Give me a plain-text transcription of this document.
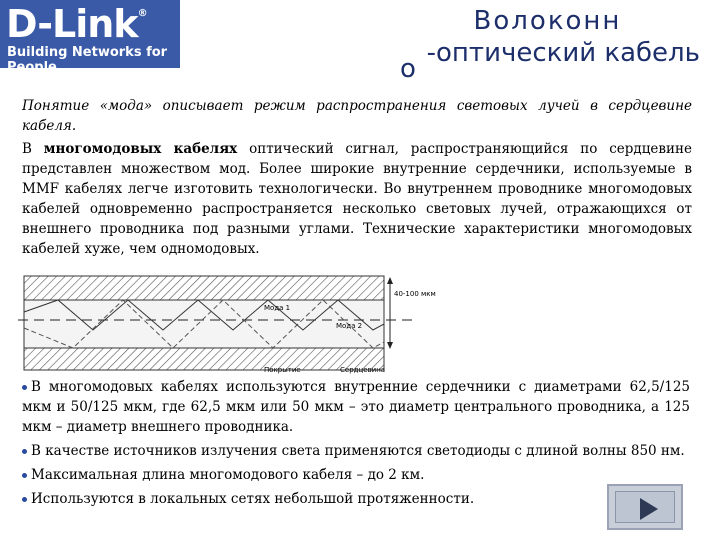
D-Link®
Building Networks for People
Волоконн
-оптический кабель
о
Понятие «мода» описывает режим распространения световых лучей в сердцевине кабеля.
В многомодовых кабелях оптический сигнал, распространяющийся по сердцевине представлен множеством мод. Более широкие внутренние сердечники, используемые в MMF кабелях легче изготовить технологически. Во внутреннем проводнике многомодовых кабелей одновременно распространяется несколько световых лучей, отражающихся от внешнего проводника под разными углами. Технические характеристики многомодовых кабелей хуже, чем одномодовых.
40-100 мкм
Мода 1
Мода 2
Покрытие	Сердцевина
В многомодовых кабелях используются внутренние сердечники с диаметрами 62,5/125 мкм и 50/125 мкм, где 62,5 мкм или 50 мкм – это диаметр центрального проводника, а 125 мкм – диаметр внешнего проводника.
В качестве источников излучения света применяются светодиоды с длиной волны 850 нм.
Максимальная длина многомодового кабеля – до 2 км.
Используются в локальных сетях небольшой протяженности.
